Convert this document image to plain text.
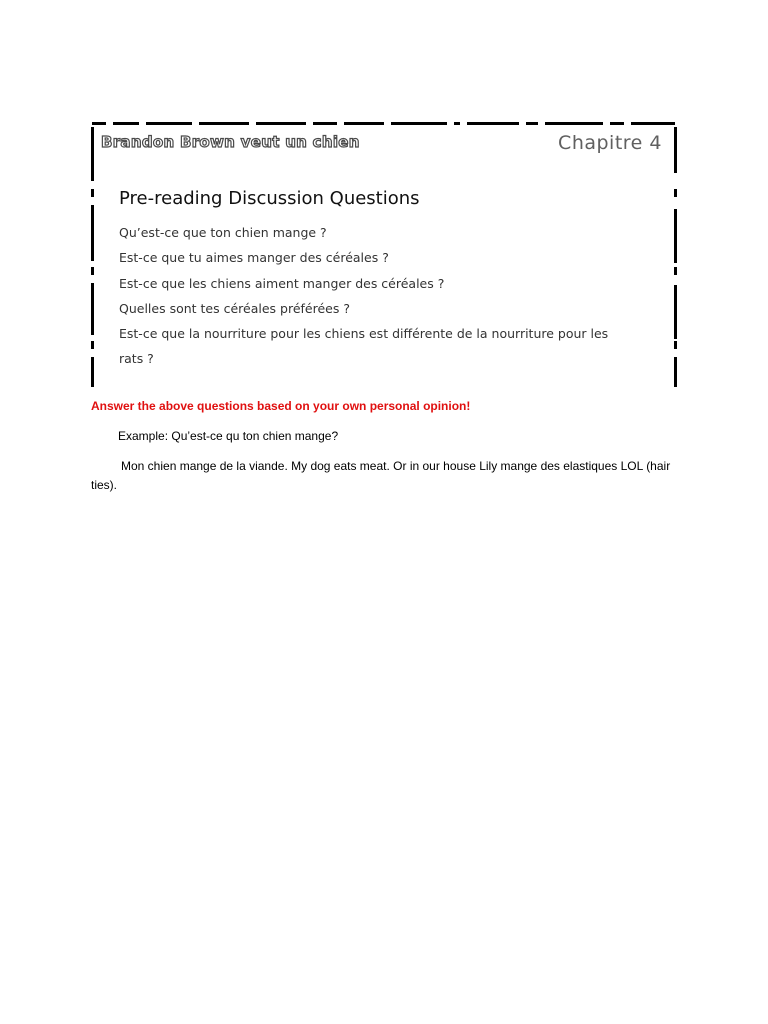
Brandon Brown veut un chien	Chapitre 4
Pre-reading Discussion Questions
Qu’est-ce que ton chien mange ?
Est-ce que tu aimes manger des céréales ?
Est-ce que les chiens aiment manger des céréales ?
Quelles sont tes céréales préférées ?
Est-ce que la nourriture pour les chiens est différente de la nourriture pour les
rats ?
Answer the above questions based on your own personal opinion!
Example: Qu’est-ce qu ton chien mange?

Mon chien mange de la viande. My dog eats meat. Or in our house Lily mange des elastiques LOL (hair ties).
